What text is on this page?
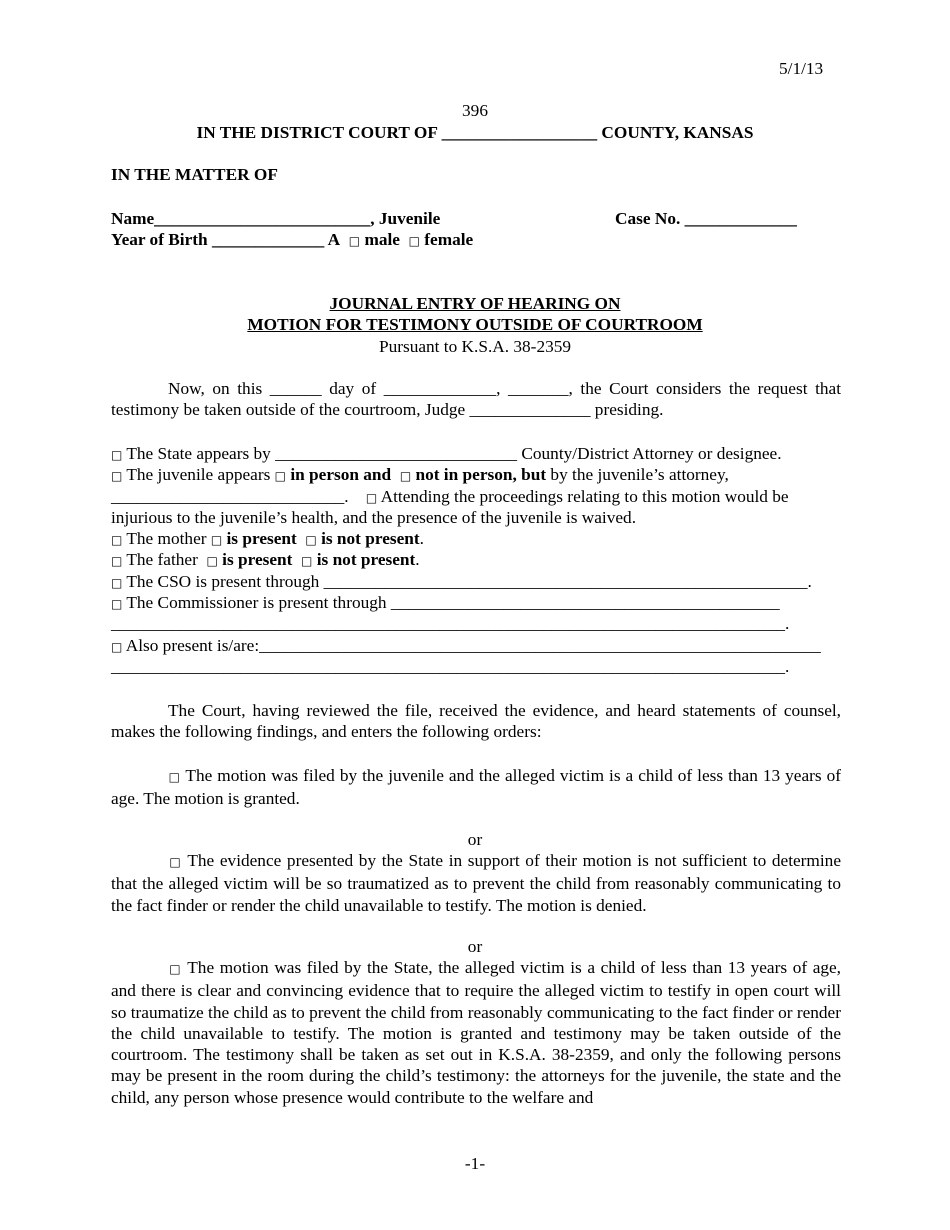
5/1/13
396
IN THE DISTRICT COURT OF __________________ COUNTY, KANSAS
IN THE MATTER OF
Name_________________________, Juvenile	Case No. _____________
Year of Birth _____________ A □ male □ female
JOURNAL ENTRY OF HEARING ON
MOTION FOR TESTIMONY OUTSIDE OF COURTROOM
Pursuant to K.S.A. 38-2359
Now, on this ______ day of _____________, _______, the Court considers the request that testimony be taken outside of the courtroom, Judge ______________ presiding.
□ The State appears by ____________________________ County/District Attorney or designee.
□ The juvenile appears □ in person and □ not in person, but by the juvenile’s attorney,
___________________________. □ Attending the proceedings relating to this motion would be
injurious to the juvenile’s health, and the presence of the juvenile is waived.
□ The mother □ is present □ is not present.
□ The father □ is present □ is not present.
□ The CSO is present through ________________________________________________________.
□ The Commissioner is present through _____________________________________________
______________________________________________________________________________.
□ Also present is/are:_________________________________________________________________
______________________________________________________________________________.
The Court, having reviewed the file, received the evidence, and heard statements of counsel, makes the following findings, and enters the following orders:
□ The motion was filed by the juvenile and the alleged victim is a child of less than 13 years of age. The motion is granted.
or
□ The evidence presented by the State in support of their motion is not sufficient to determine that the alleged victim will be so traumatized as to prevent the child from reasonably communicating to the fact finder or render the child unavailable to testify. The motion is denied.
or
□ The motion was filed by the State, the alleged victim is a child of less than 13 years of age, and there is clear and convincing evidence that to require the alleged victim to testify in open court will so traumatize the child as to prevent the child from reasonably communicating to the fact finder or render the child unavailable to testify. The motion is granted and testimony may be taken outside of the courtroom. The testimony shall be taken as set out in K.S.A. 38-2359, and only the following persons may be present in the room during the child’s testimony: the attorneys for the juvenile, the state and the child, any person whose presence would contribute to the welfare and
-1-
